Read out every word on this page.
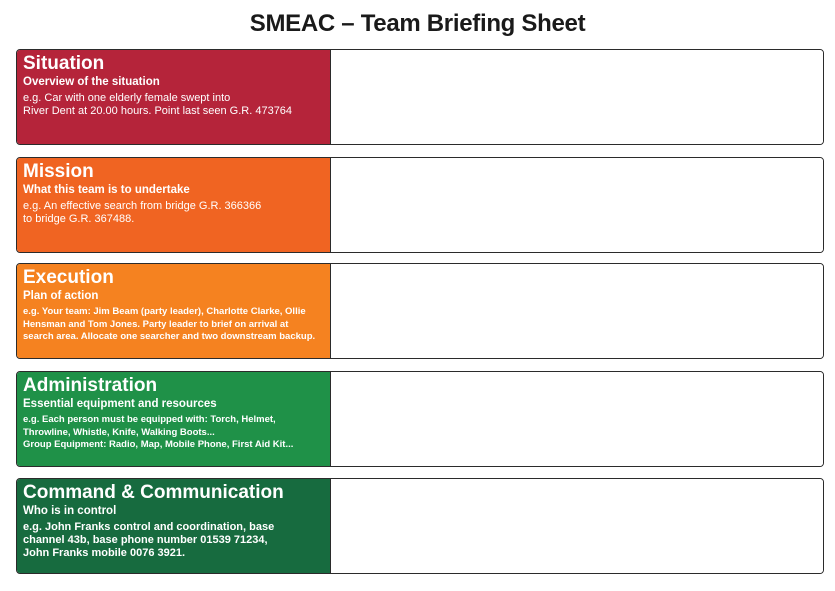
SMEAC – Team Briefing Sheet
Situation
Overview of the situation
e.g. Car with one elderly female swept into
River Dent at 20.00 hours. Point last seen G.R. 473764
Mission
What this team is to undertake
e.g. An effective search from bridge G.R. 366366
to bridge G.R. 367488.
Execution
Plan of action
e.g. Your team: Jim Beam (party leader), Charlotte Clarke, Ollie
Hensman and Tom Jones. Party leader to brief on arrival at
search area. Allocate one searcher and two downstream backup.
Administration
Essential equipment and resources
e.g. Each person must be equipped with: Torch, Helmet,
Throwline, Whistle, Knife, Walking Boots...
Group Equipment: Radio, Map, Mobile Phone, First Aid Kit...
Command & Communication
Who is in control
e.g. John Franks control and coordination, base
channel 43b, base phone number 01539 71234,
John Franks mobile 0076 3921.
